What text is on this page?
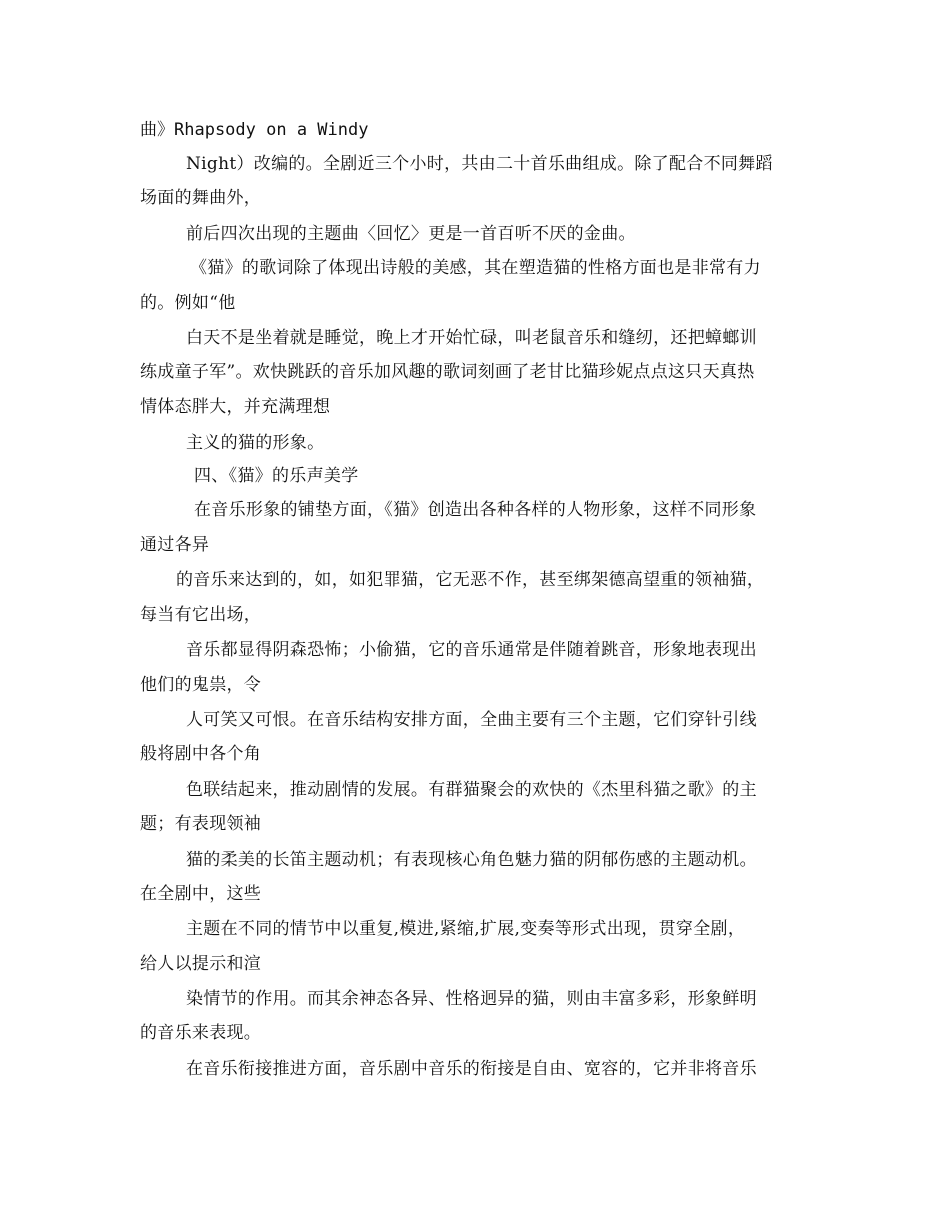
曲》Rhapsody on a Windy
Night）改编的。全剧近三个小时，共由二十首乐曲组成。除了配合不同舞蹈
场面的舞曲外，
前后四次出现的主题曲〈回忆〉更是一首百听不厌的金曲。
《猫》的歌词除了体现出诗般的美感，其在塑造猫的性格方面也是非常有力
的。例如“他
白天不是坐着就是睡觉，晚上才开始忙碌，叫老鼠音乐和缝纫，还把蟑螂训
练成童子军”。欢快跳跃的音乐加风趣的歌词刻画了老甘比猫珍妮点点这只天真热
情体态胖大，并充满理想
主义的猫的形象。
四、《猫》的乐声美学
在音乐形象的铺垫方面，《猫》创造出各种各样的人物形象，这样不同形象
通过各异
的音乐来达到的，如，如犯罪猫，它无恶不作，甚至绑架德高望重的领袖猫，
每当有它出场，
音乐都显得阴森恐怖；小偷猫，它的音乐通常是伴随着跳音，形象地表现出
他们的鬼祟，令
人可笑又可恨。在音乐结构安排方面，全曲主要有三个主题，它们穿针引线
般将剧中各个角
色联结起来，推动剧情的发展。有群猫聚会的欢快的《杰里科猫之歌》的主
题；有表现领袖
猫的柔美的长笛主题动机；有表现核心角色魅力猫的阴郁伤感的主题动机。
在全剧中，这些
主题在不同的情节中以重复,模进,紧缩,扩展,变奏等形式出现，贯穿全剧，
给人以提示和渲
染情节的作用。而其余神态各异、性格迥异的猫，则由丰富多彩，形象鲜明
的音乐来表现。
在音乐衔接推进方面，音乐剧中音乐的衔接是自由、宽容的，它并非将音乐
